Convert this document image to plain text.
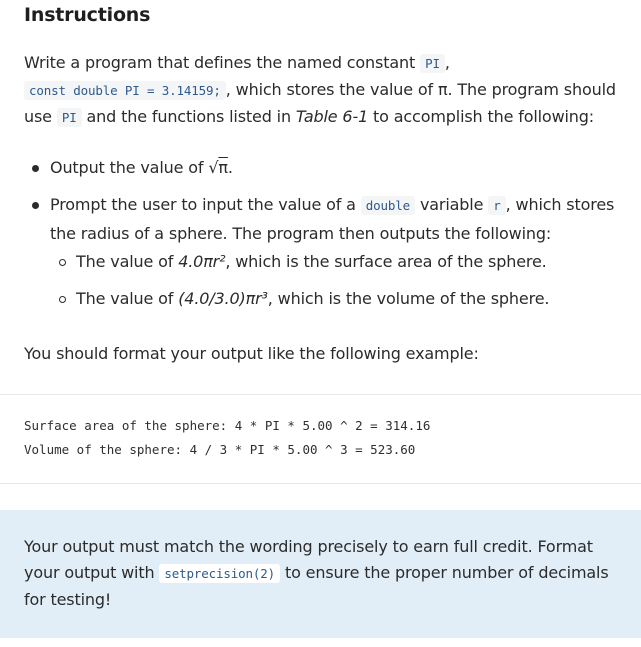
Instructions
Write a program that defines the named constant PI ,
const double PI = 3.14159; , which stores the value of π. The program should use PI and the functions listed in Table 6-1 to accomplish the following:
Output the value of √π.
Prompt the user to input the value of a double variable r , which stores the radius of a sphere. The program then outputs the following:
The value of 4.0πr², which is the surface area of the sphere.
The value of (4.0/3.0)πr³, which is the volume of the sphere.
You should format your output like the following example:
Surface area of the sphere: 4 * PI * 5.00 ^ 2 = 314.16
Volume of the sphere: 4 / 3 * PI * 5.00 ^ 3 = 523.60
Your output must match the wording precisely to earn full credit. Format your output with setprecision(2) to ensure the proper number of decimals for testing!
